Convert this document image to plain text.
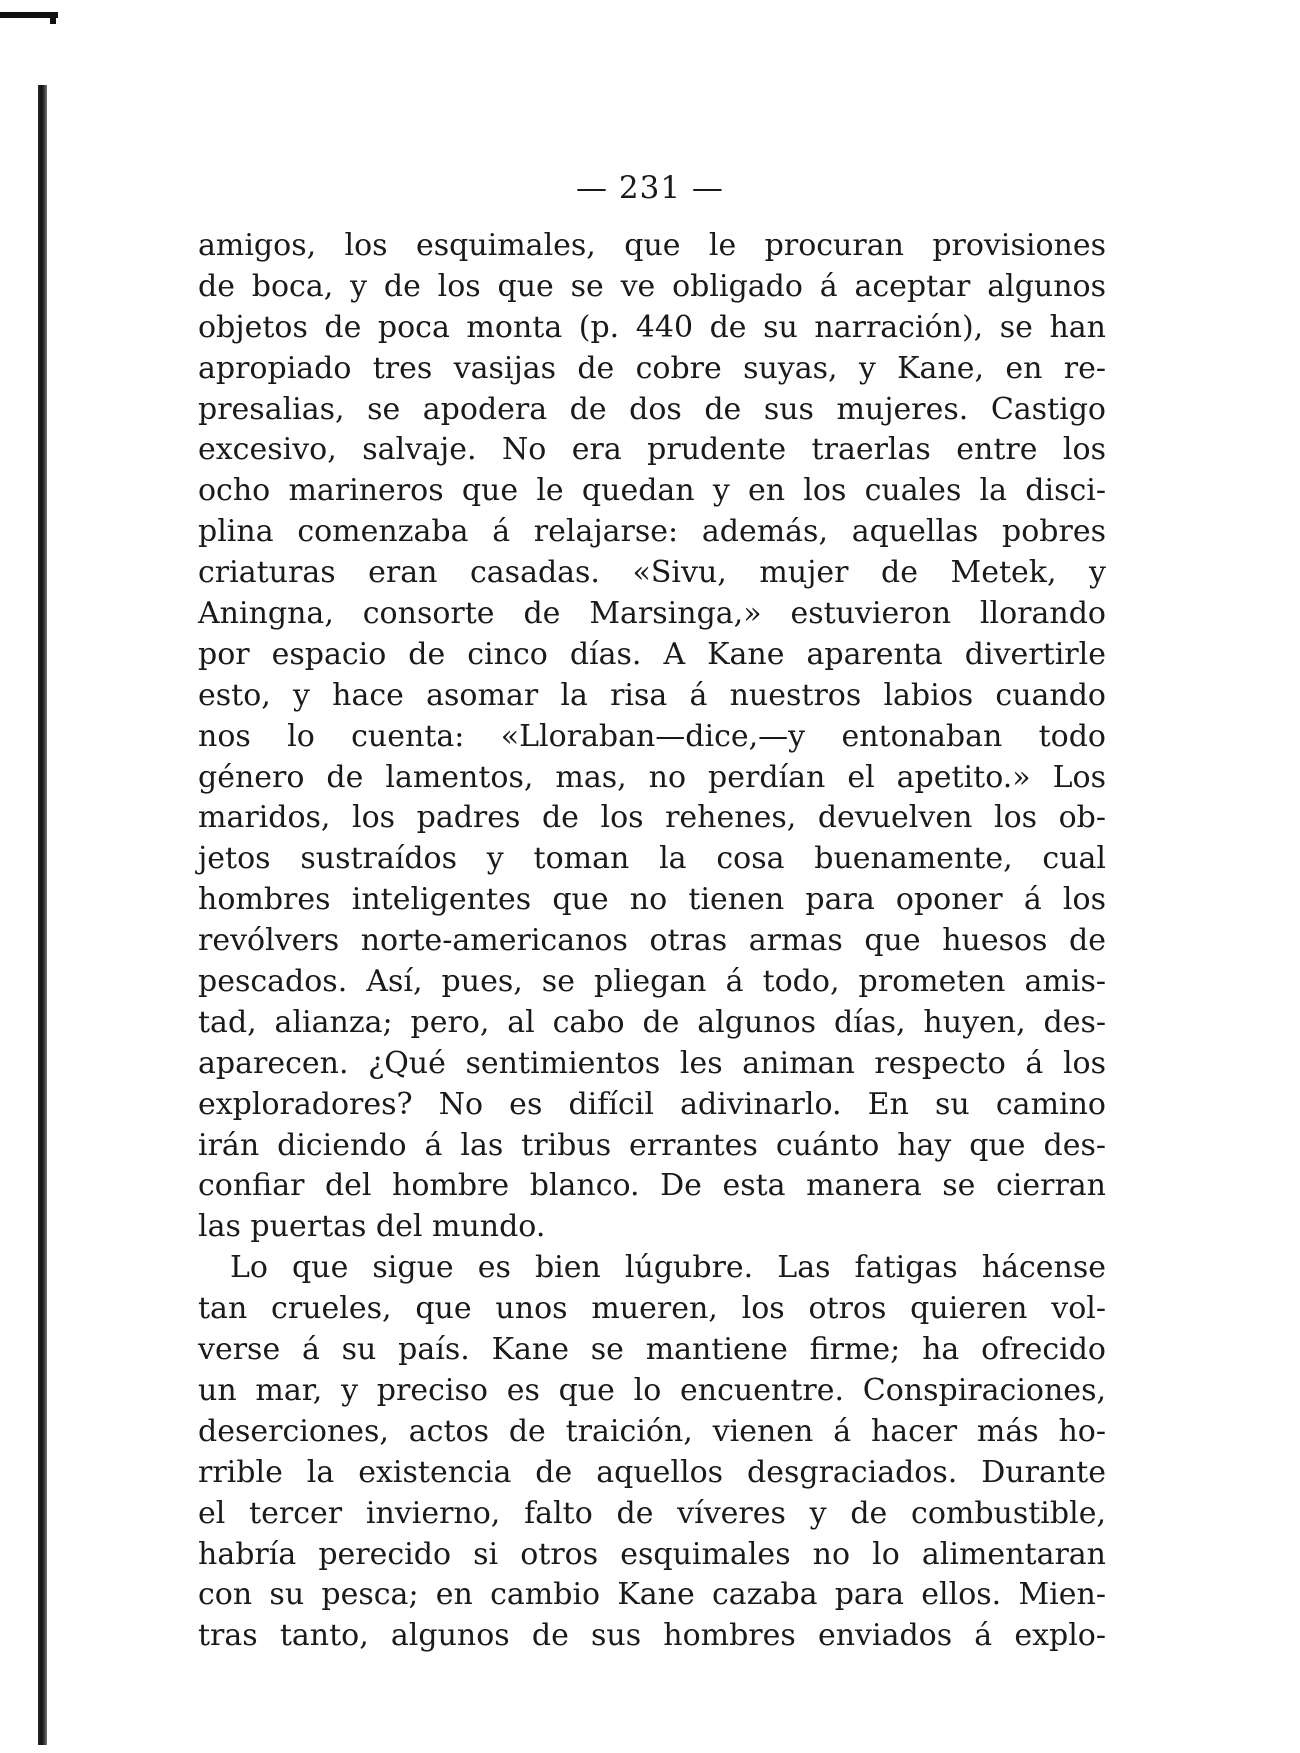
— 231 —
amigos, los esquimales, que le procuran provisiones
de boca, y de los que se ve obligado á aceptar algunos
objetos de poca monta (p. 440 de su narración), se han
apropiado tres vasijas de cobre suyas, y Kane, en re-
presalias, se apodera de dos de sus mujeres. Castigo
excesivo, salvaje. No era prudente traerlas entre los
ocho marineros que le quedan y en los cuales la disci-
plina comenzaba á relajarse: además, aquellas pobres
criaturas eran casadas. «Sivu, mujer de Metek, y
Aningna, consorte de Marsinga,» estuvieron llorando
por espacio de cinco días. A Kane aparenta divertirle
esto, y hace asomar la risa á nuestros labios cuando
nos lo cuenta: «Lloraban—dice,—y entonaban todo
género de lamentos, mas, no perdían el apetito.» Los
maridos, los padres de los rehenes, devuelven los ob-
jetos sustraídos y toman la cosa buenamente, cual
hombres inteligentes que no tienen para oponer á los
revólvers norte-americanos otras armas que huesos de
pescados. Así, pues, se pliegan á todo, prometen amis-
tad, alianza; pero, al cabo de algunos días, huyen, des-
aparecen. ¿Qué sentimientos les animan respecto á los
exploradores? No es difícil adivinarlo. En su camino
irán diciendo á las tribus errantes cuánto hay que des-
confiar del hombre blanco. De esta manera se cierran
las puertas del mundo.
Lo que sigue es bien lúgubre. Las fatigas hácense
tan crueles, que unos mueren, los otros quieren vol-
verse á su país. Kane se mantiene firme; ha ofrecido
un mar, y preciso es que lo encuentre. Conspiraciones,
deserciones, actos de traición, vienen á hacer más ho-
rrible la existencia de aquellos desgraciados. Durante
el tercer invierno, falto de víveres y de combustible,
habría perecido si otros esquimales no lo alimentaran
con su pesca; en cambio Kane cazaba para ellos. Mien-
tras tanto, algunos de sus hombres enviados á explo-
